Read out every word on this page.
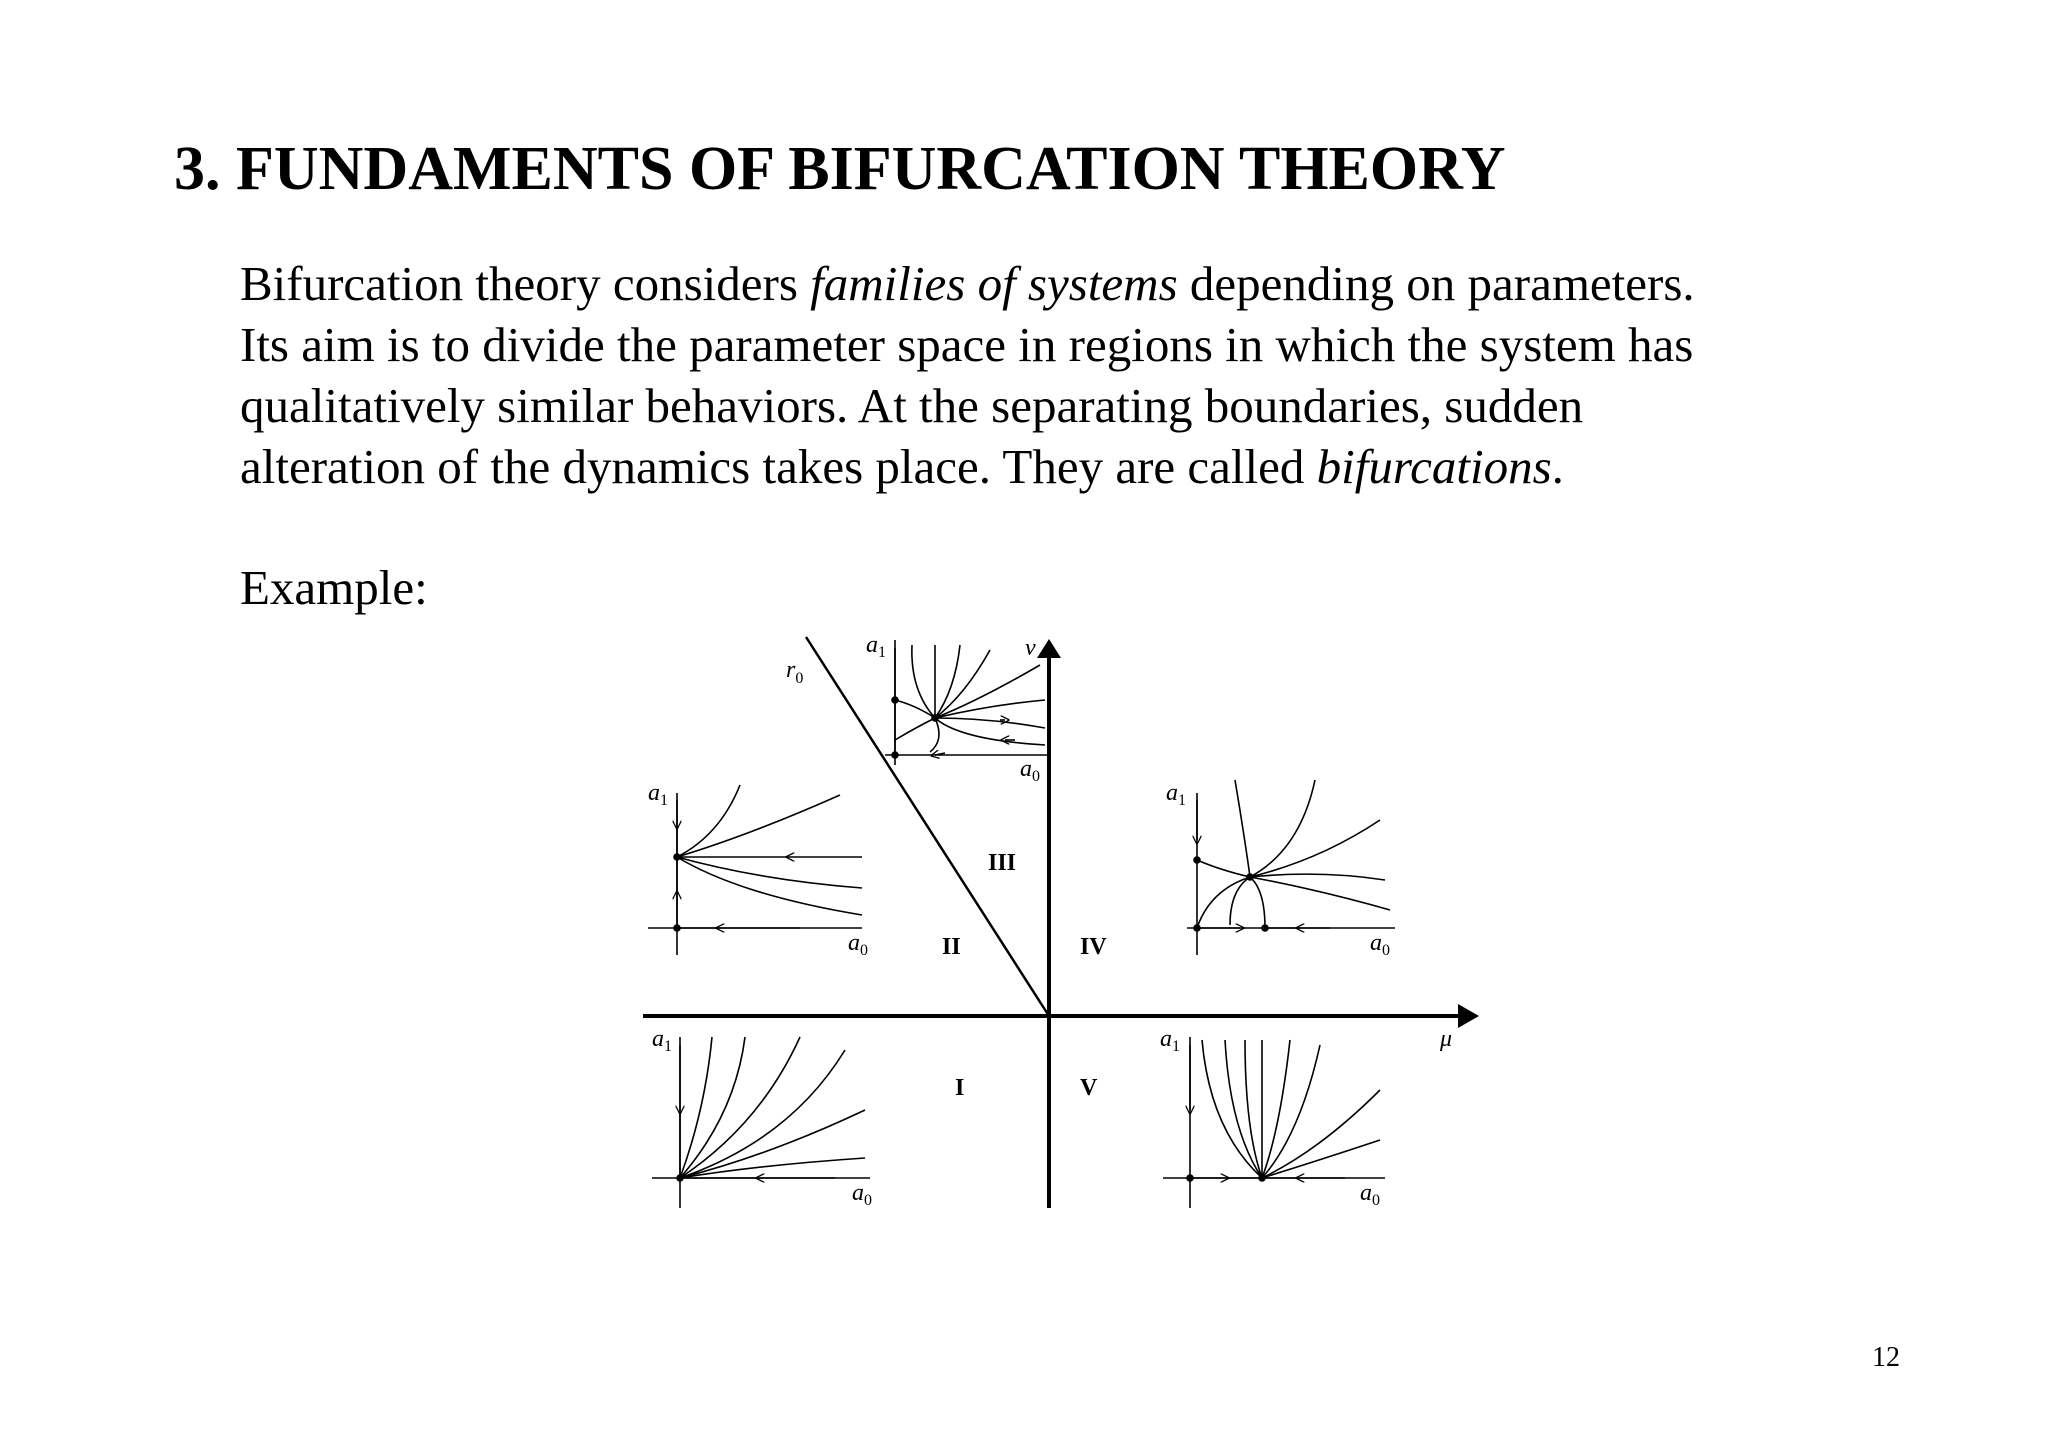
3. FUNDAMENTS OF BIFURCATION THEORY
Bifurcation theory considers families of systems depending on parameters.
Its aim is to divide the parameter space in regions in which the system has
qualitatively similar behaviors. At the separating boundaries, sudden
alteration of the dynamics takes place. They are called bifurcations.
Example:
μ
ν
$r_0$
I
II
III
IV
V
$a_1$
$a_0$
$a_1$
$a_0$
$a_1$
$a_0$
$a_1$
$a_0$
$a_1$
$a_0$
12
